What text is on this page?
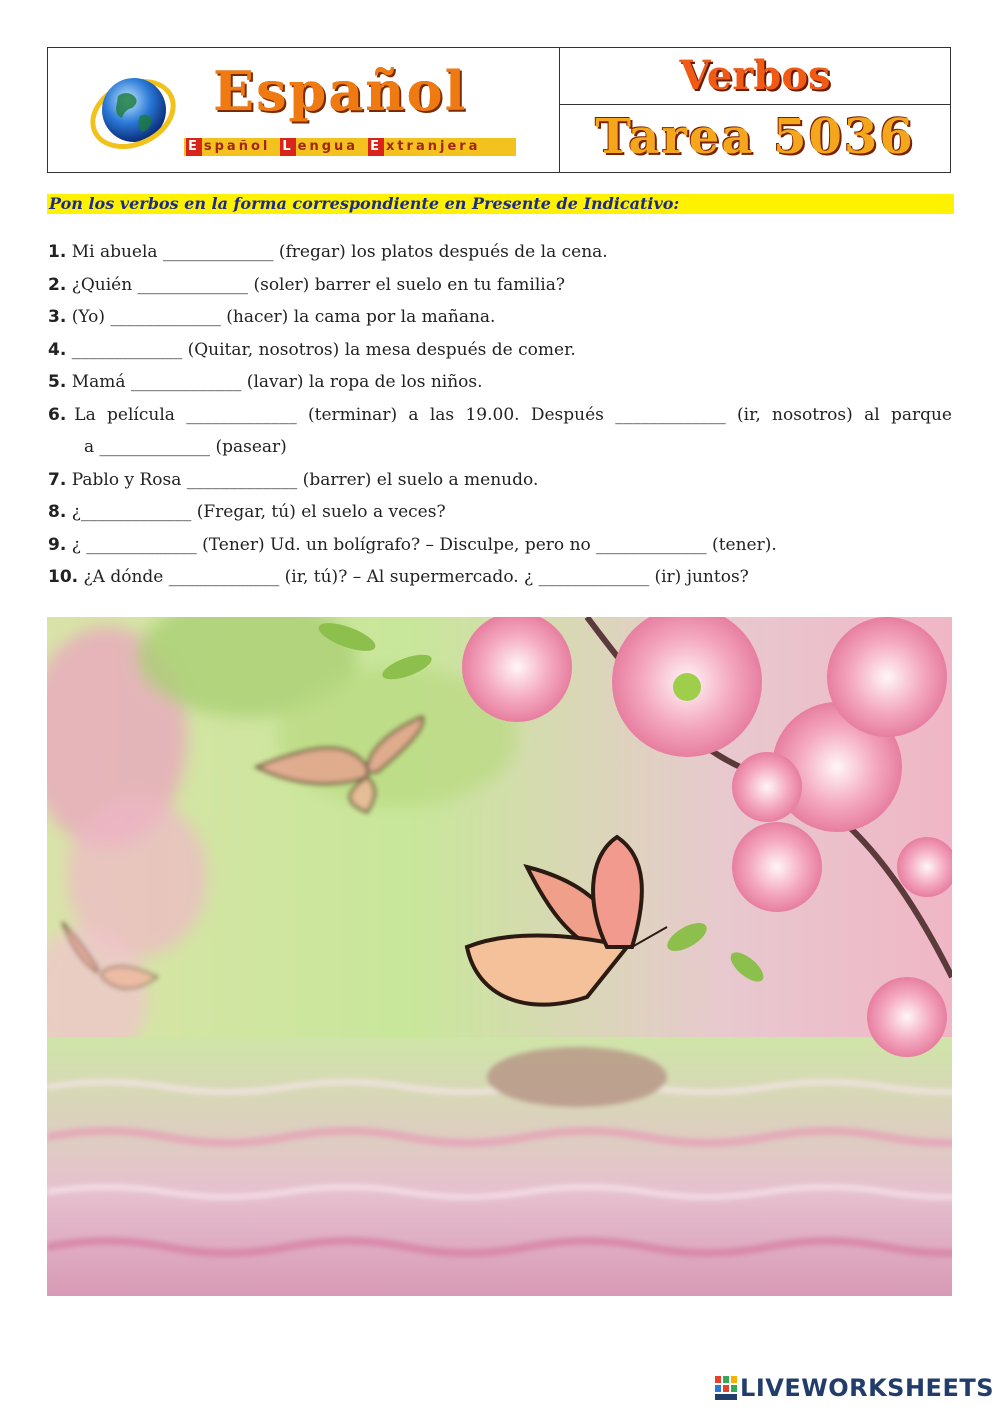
Español
E spañol L engua E xtranjera
Verbos
Tarea 5036
Pon los verbos en la forma correspondiente en Presente de Indicativo:
1. Mi abuela _____________ (fregar) los platos después de la cena.
2. ¿Quién _____________ (soler) barrer el suelo en tu familia?
3. (Yo) _____________ (hacer) la cama por la mañana.
4. _____________ (Quitar, nosotros) la mesa después de comer.
5. Mamá _____________ (lavar) la ropa de los niños.
6. La película _____________ (terminar) a las 19.00. Después _____________ (ir, nosotros) al parque
a _____________ (pasear)
7. Pablo y Rosa _____________ (barrer) el suelo a menudo.
8. ¿_____________ (Fregar, tú) el suelo a veces?
9. ¿ _____________ (Tener) Ud. un bolígrafo? – Disculpe, pero no _____________ (tener).
10. ¿A dónde _____________ (ir, tú)? – Al supermercado. ¿ _____________ (ir) juntos?
LIVEWORKSHEETS
